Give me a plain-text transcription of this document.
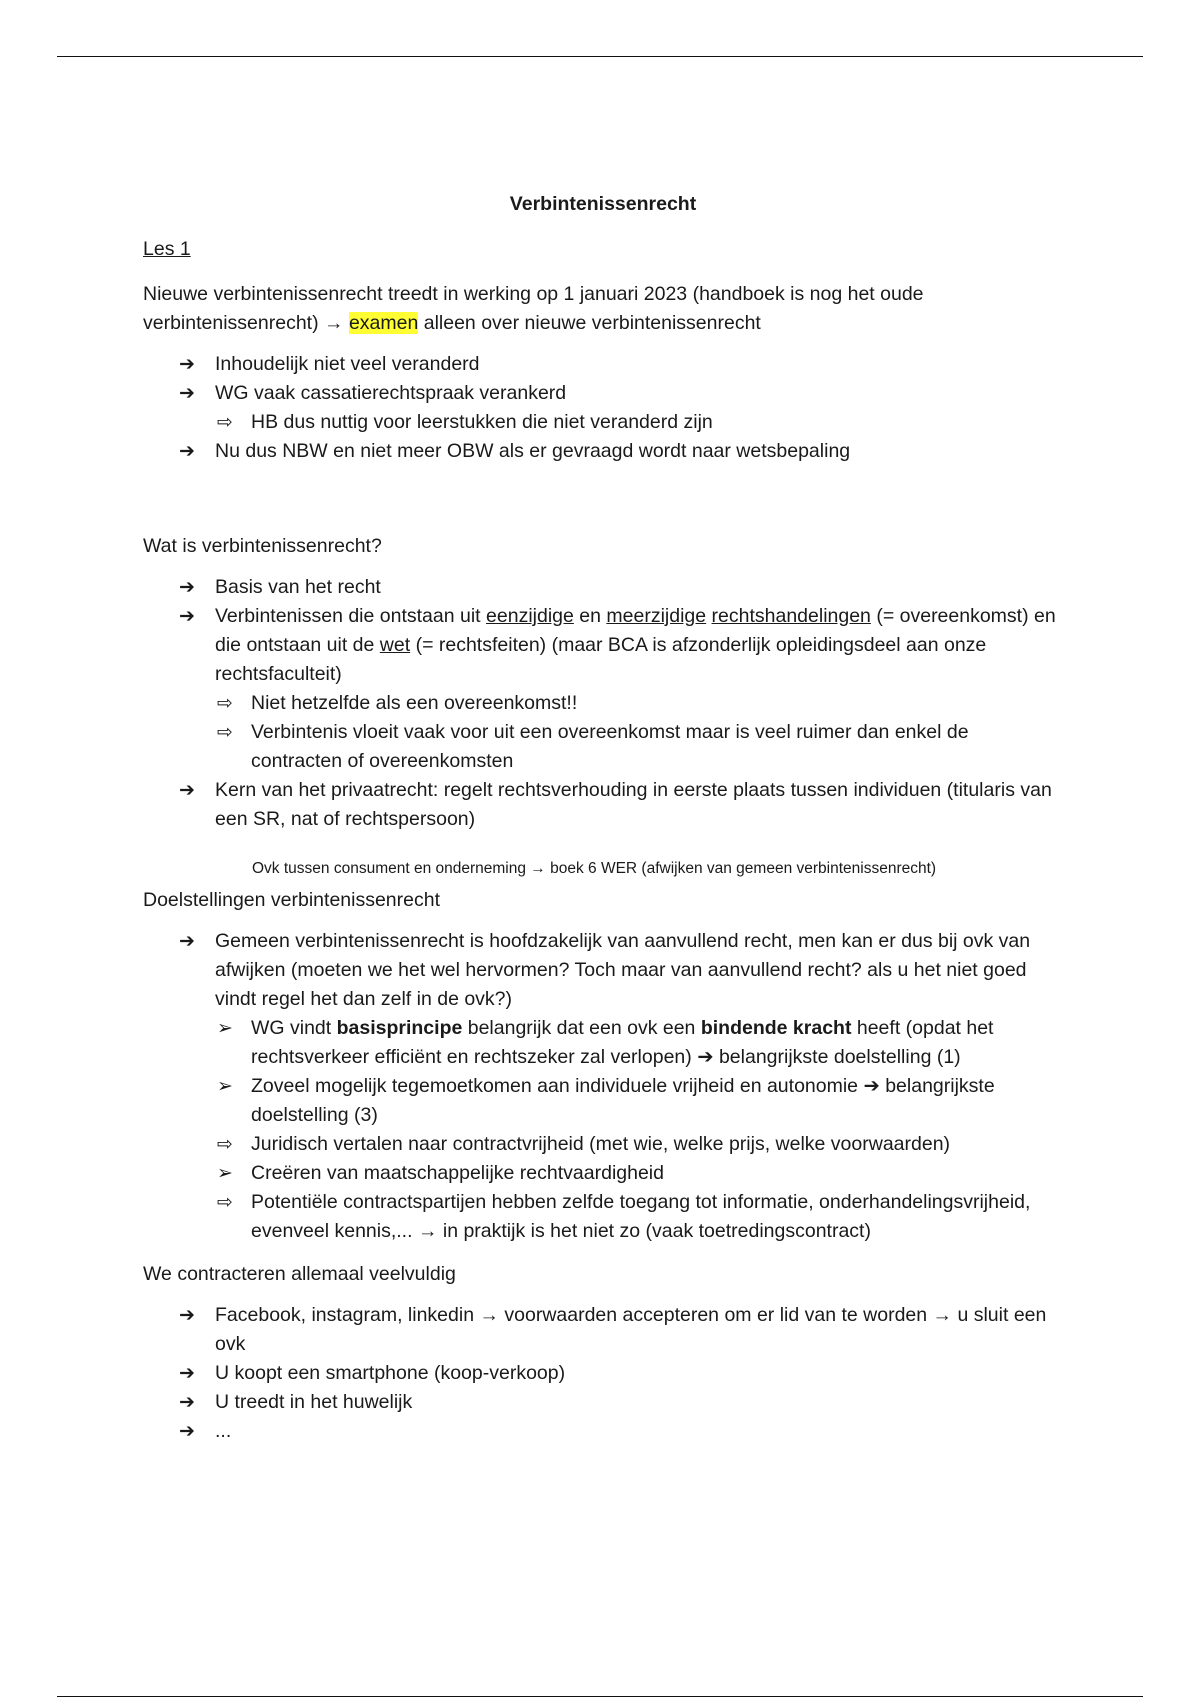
Verbintenissenrecht

Les 1

Nieuwe verbintenissenrecht treedt in werking op 1 januari 2023 (handboek is nog het oude verbintenissenrecht) → examen alleen over nieuwe verbintenissenrecht

➔ Inhoudelijk niet veel veranderd
➔ WG vaak cassatierechtspraak verankerd
⇨ HB dus nuttig voor leerstukken die niet veranderd zijn
➔ Nu dus NBW en niet meer OBW als er gevraagd wordt naar wetsbepaling

Wat is verbintenissenrecht?

➔ Basis van het recht
➔ Verbintenissen die ontstaan uit eenzijdige en meerzijdige rechtshandelingen (= overeenkomst) en die ontstaan uit de wet (= rechtsfeiten) (maar BCA is afzonderlijk opleidingsdeel aan onze rechtsfaculteit)
⇨ Niet hetzelfde als een overeenkomst!!
⇨ Verbintenis vloeit vaak voor uit een overeenkomst maar is veel ruimer dan enkel de contracten of overeenkomsten
➔ Kern van het privaatrecht: regelt rechtsverhouding in eerste plaats tussen individuen (titularis van een SR, nat of rechtspersoon)

Ovk tussen consument en onderneming → boek 6 WER (afwijken van gemeen verbintenissenrecht)

Doelstellingen verbintenissenrecht

➔ Gemeen verbintenissenrecht is hoofdzakelijk van aanvullend recht, men kan er dus bij ovk van afwijken (moeten we het wel hervormen? Toch maar van aanvullend recht? als u het niet goed vindt regel het dan zelf in de ovk?)
➢ WG vindt basisprincipe belangrijk dat een ovk een bindende kracht heeft (opdat het rechtsverkeer efficiënt en rechtszeker zal verlopen) ➔ belangrijkste doelstelling (1)
➢ Zoveel mogelijk tegemoetkomen aan individuele vrijheid en autonomie ➔ belangrijkste doelstelling (3)
⇨ Juridisch vertalen naar contractvrijheid (met wie, welke prijs, welke voorwaarden)
➢ Creëren van maatschappelijke rechtvaardigheid
⇨ Potentiële contractspartijen hebben zelfde toegang tot informatie, onderhandelingsvrijheid, evenveel kennis,... → in praktijk is het niet zo (vaak toetredingscontract)

We contracteren allemaal veelvuldig

➔ Facebook, instagram, linkedin → voorwaarden accepteren om er lid van te worden → u sluit een ovk
➔ U koopt een smartphone (koop-verkoop)
➔ U treedt in het huwelijk
➔ ...
